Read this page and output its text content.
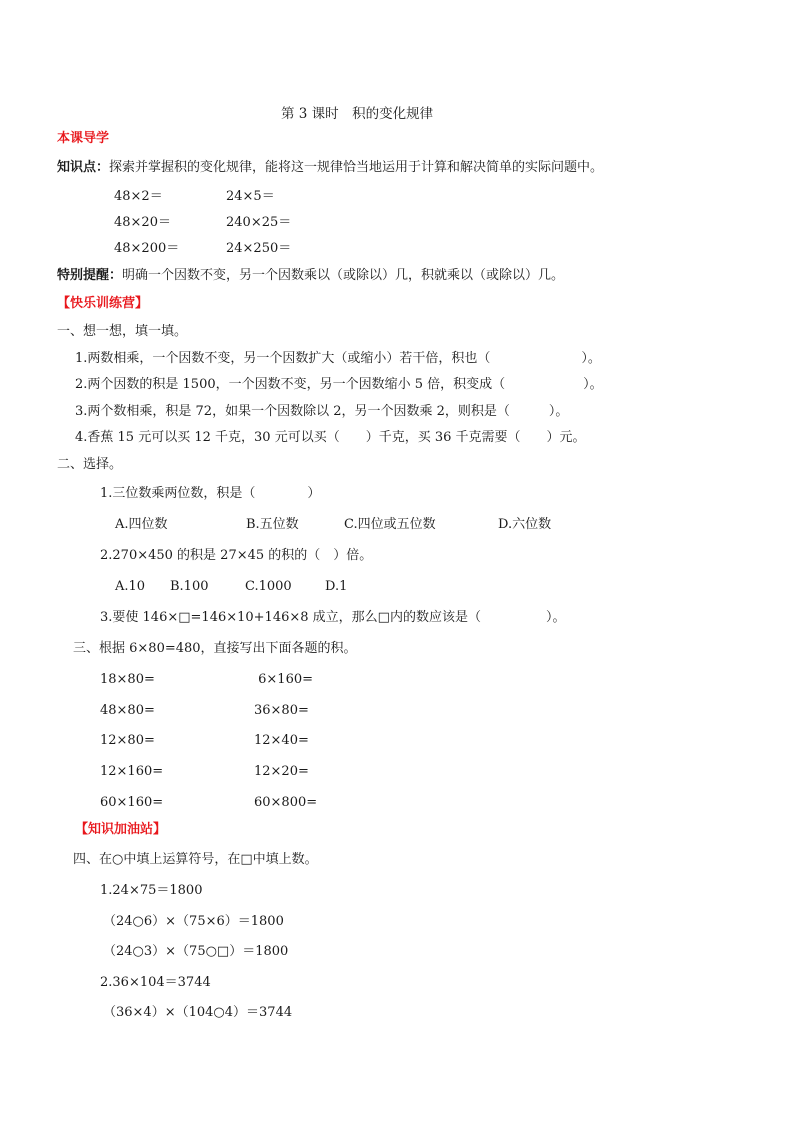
第 3 课时　积的变化规律
本课导学
知识点：探索并掌握积的变化规律，能将这一规律恰当地运用于计算和解决简单的实际问题中。
48×2＝	24×5＝
48×20＝	240×25＝
48×200＝	24×250＝
特别提醒：明确一个因数不变，另一个因数乘以（或除以）几，积就乘以（或除以）几。
【快乐训练营】
一、想一想，填一填。
1.两数相乘，一个因数不变，另一个因数扩大（或缩小）若干倍，积也（　　　　　　　）。
2.两个因数的积是 1500，一个因数不变，另一个因数缩小 5 倍，积变成（　　　　　　）。
3.两个数相乘，积是 72，如果一个因数除以 2，另一个因数乘 2，则积是（　　　）。
4.香蕉 15 元可以买 12 千克，30 元可以买（　　）千克，买 36 千克需要（　　）元。
二、选择。
1.三位数乘两位数，积是（　　　　）
A.四位数	B.五位数	C.四位或五位数	D.六位数
2.270×450 的积是 27×45 的积的（　）倍。
A.10 B.100	C.1000	D.1
3.要使 146×□=146×10+146×8 成立，那么□内的数应该是（　　　　　）。
三、根据 6×80=480，直接写出下面各题的积。
18×80=	6×160=
48×80=	36×80=
12×80=	12×40=
12×160=	12×20=
60×160=	60×800=
【知识加油站】
四、在○中填上运算符号，在□中填上数。
1.24×75＝1800
（24○6）×（75×6）＝1800
（24○3）×（75○□）＝1800
2.36×104＝3744
（36×4）×（104○4）＝3744
